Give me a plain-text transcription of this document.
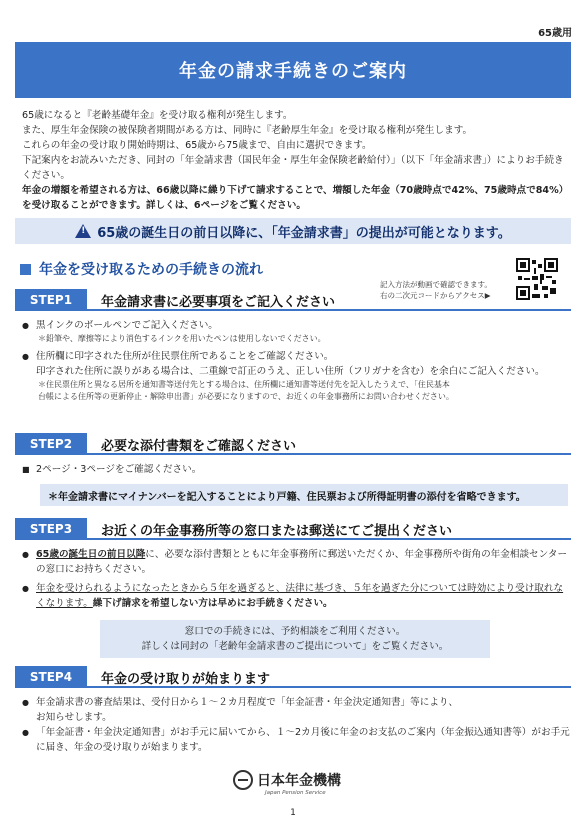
65歳用
年金の請求手続きのご案内

65歳になると『老齢基礎年金』を受け取る権利が発生します。

また、厚生年金保険の被保険者期間がある方は、同時に『老齢厚生年金』を受け取る権利が発生します。

これらの年金の受け取り開始時期は、65歳から75歳まで、自由に選択できます。

下記案内をお読みいただき、同封の「年金請求書（国民年金・厚生年金保険老齢給付）」（以下「年金請求書」）によりお手続きください。

年金の増額を希望される方は、66歳以降に繰り下げて請求することで、増額した年金（70歳時点で42%、75歳時点で84%）を受け取ることができます。詳しくは、6ページをご覧ください。

!
65歳の誕生日の前日以降に、「年金請求書」の提出が可能となります。
年金を受け取るための手続きの流れ
記入方法が動画で確認できます。
右の二次元コードからアクセス▶
STEP1	年金請求書に必要事項をご記入ください
● 黒インクのボールペンでご記入ください。
＊鉛筆や、摩擦等により消色するインクを用いたペンは使用しないでください。
● 住所欄に印字された住所が住民票住所であることをご確認ください。
印字された住所に誤りがある場合は、二重線で訂正のうえ、正しい住所（フリガナを含む）を余白にご記入ください。
＊住民票住所と異なる居所を通知書等送付先とする場合は、住所欄に通知書等送付先を記入したうえで、「住民基本
台帳による住所等の更新停止・解除申出書」が必要になりますので、お近くの年金事務所にお問い合わせください。
STEP2	必要な添付書類をご確認ください
■ 2ページ・3ページをご確認ください。
＊年金請求書にマイナンバーを記入することにより戸籍、住民票および所得証明書の添付を省略できます。
STEP3	お近くの年金事務所等の窓口または郵送にてご提出ください
● 65歳の誕生日の前日以降に、必要な添付書類とともに年金事務所に郵送いただくか、年金事務所や街角の年金相談センターの窓口にお持ちください。
● 年金を受けられるようになったときから５年を過ぎると、法律に基づき、５年を過ぎた分については時効により受け取れなくなります。繰下げ請求を希望しない方は早めにお手続きください。
窓口での手続きには、予約相談をご利用ください。
詳しくは同封の「老齢年金請求書のご提出について」をご覧ください。
STEP4	年金の受け取りが始まります
● 年金請求書の審査結果は、受付日から１～２カ月程度で「年金証書・年金決定通知書」等により、
お知らせします。
● 「年金証書・年金決定通知書」がお手元に届いてから、１～2カ月後に年金のお支払のご案内（年金振込通知書等）がお手元に届き、年金の受け取りが始まります。
日本年金機構
Japan Pension Service
1
